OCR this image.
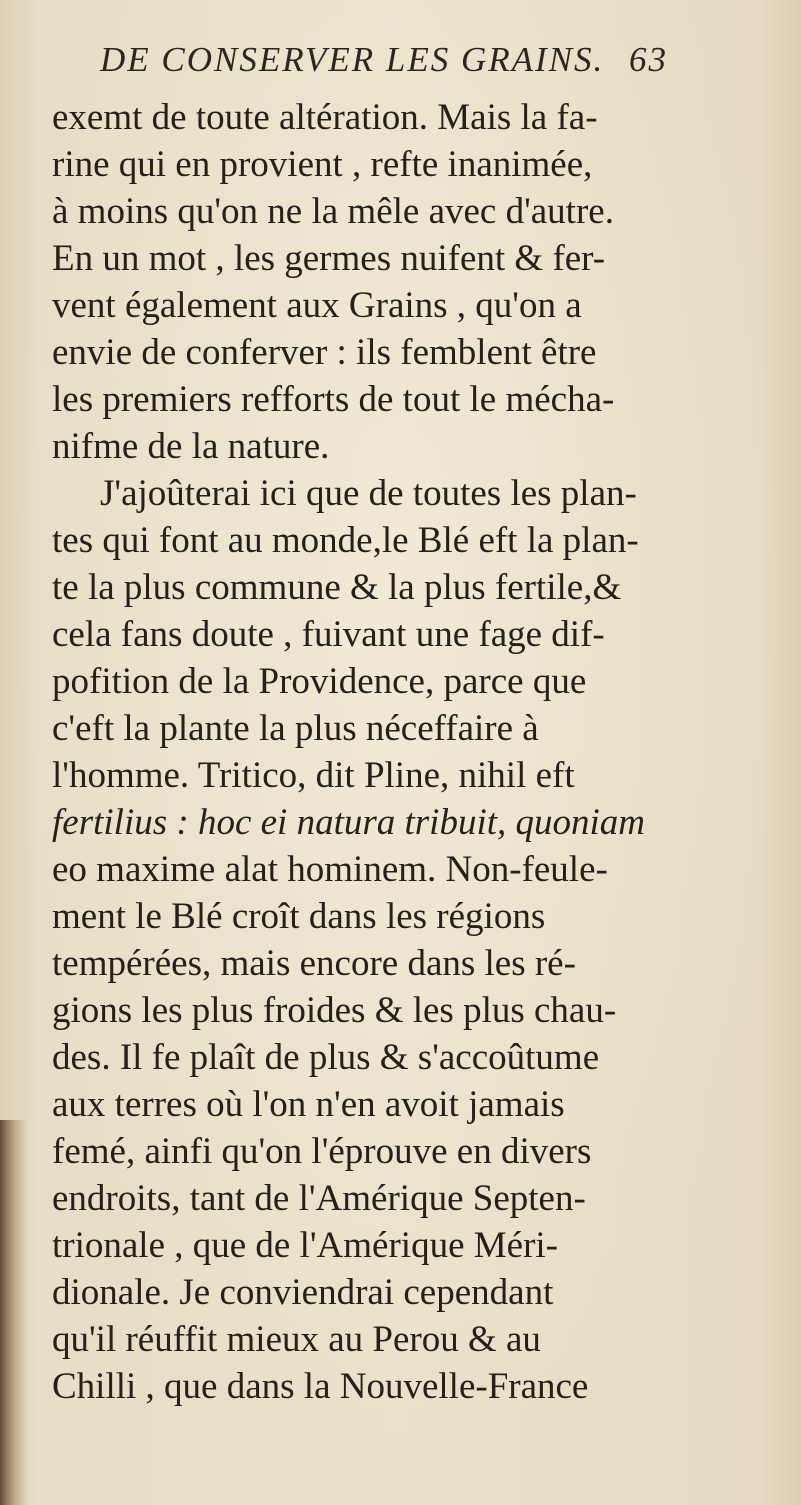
DE CONSERVER LES GRAINS. 63
exemt de toute altération. Mais la fa-
rine qui en provient , refte inanimée,
à moins qu'on ne la mêle avec d'autre.
En un mot , les germes nuifent & fer-
vent également aux Grains , qu'on a
envie de conferver : ils femblent être
les premiers refforts de tout le mécha-
nifme de la nature.
J'ajoûterai ici que de toutes les plan-
tes qui font au monde,le Blé eft la plan-
te la plus commune & la plus fertile,&
cela fans doute , fuivant une fage dif-
pofition de la Providence, parce que
c'eft la plante la plus néceffaire à
l'homme. Tritico, dit Pline, nihil eft
fertilius : hoc ei natura tribuit, quoniam
eo maxime alat hominem. Non-feule-
ment le Blé croît dans les régions
tempérées, mais encore dans les ré-
gions les plus froides & les plus chau-
des. Il fe plaît de plus & s'accoûtume
aux terres où l'on n'en avoit jamais
femé, ainfi qu'on l'éprouve en divers
endroits, tant de l'Amérique Septen-
trionale , que de l'Amérique Méri-
dionale. Je conviendrai cependant
qu'il réuffit mieux au Perou & au
Chilli , que dans la Nouvelle-France
